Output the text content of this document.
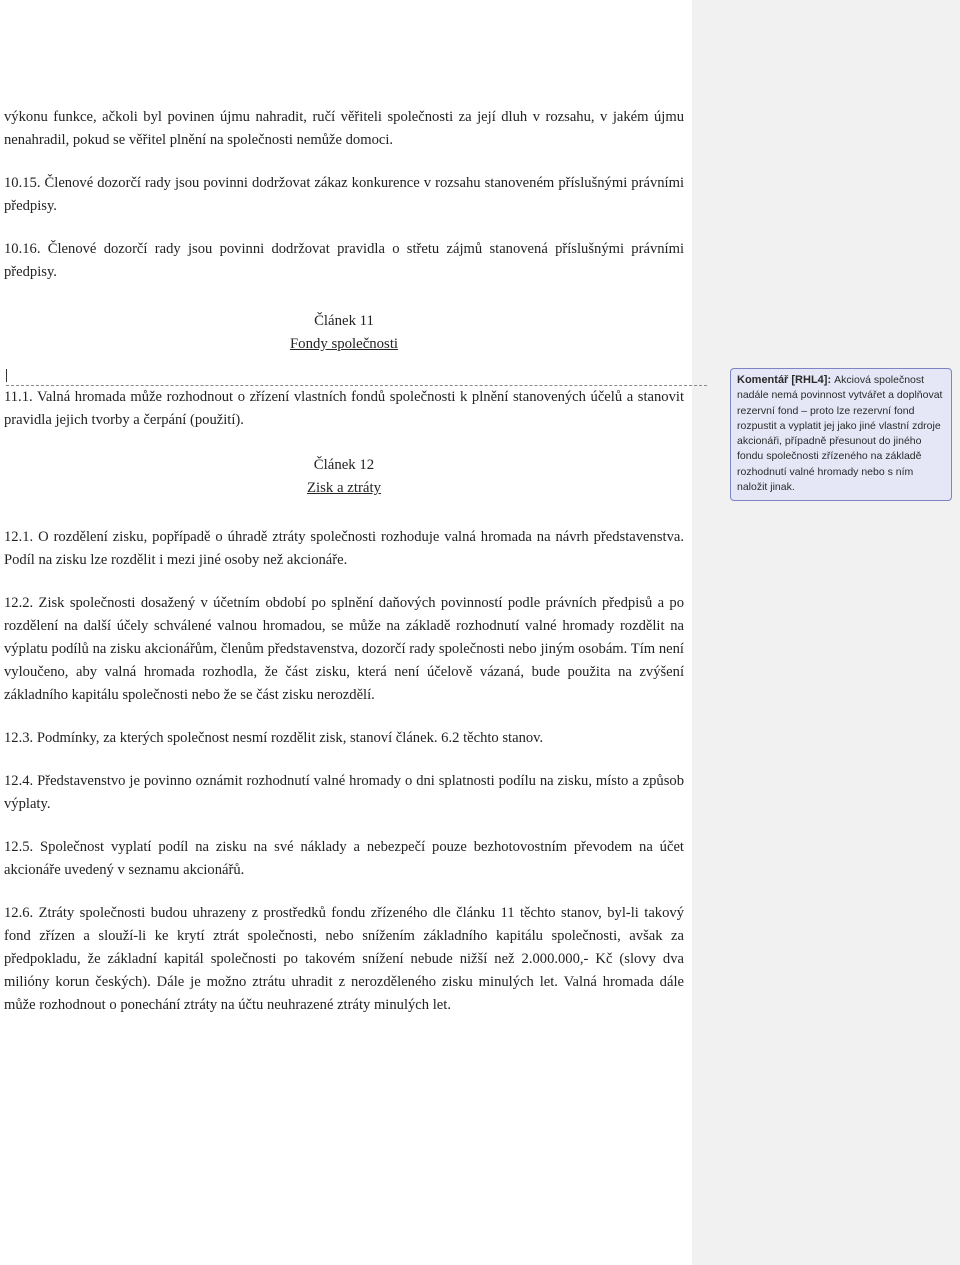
výkonu funkce, ačkoli byl povinen újmu nahradit, ručí věřiteli společnosti za její dluh v rozsahu, v jakém újmu nenahradil, pokud se věřitel plnění na společnosti nemůže domoci.

10.15. Členové dozorčí rady jsou povinni dodržovat zákaz konkurence v rozsahu stanoveném příslušnými právními předpisy.

10.16. Členové dozorčí rady jsou povinni dodržovat pravidla o střetu zájmů stanovená příslušnými právními předpisy.

Článek 11
Fondy společnosti

11.1. Valná hromada může rozhodnout o zřízení vlastních fondů společnosti k plnění stanovených účelů a stanovit pravidla jejich tvorby a čerpání (použití).

Článek 12
Zisk a ztráty

12.1. O rozdělení zisku, popřípadě o úhradě ztráty společnosti rozhoduje valná hromada na návrh představenstva. Podíl na zisku lze rozdělit i mezi jiné osoby než akcionáře.

12.2. Zisk společnosti dosažený v účetním období po splnění daňových povinností podle právních předpisů a po rozdělení na další účely schválené valnou hromadou, se může na základě rozhodnutí valné hromady rozdělit na výplatu podílů na zisku akcionářům, členům představenstva, dozorčí rady společnosti nebo jiným osobám. Tím není vyloučeno, aby valná hromada rozhodla, že část zisku, která není účelově vázaná, bude použita na zvýšení základního kapitálu společnosti nebo že se část zisku nerozdělí.

12.3. Podmínky, za kterých společnost nesmí rozdělit zisk, stanoví článek. 6.2 těchto stanov.

12.4. Představenstvo je povinno oznámit rozhodnutí valné hromady o dni splatnosti podílu na zisku, místo a způsob výplaty.

12.5. Společnost vyplatí podíl na zisku na své náklady a nebezpečí pouze bezhotovostním převodem na účet akcionáře uvedený v seznamu akcionářů.

12.6. Ztráty společnosti budou uhrazeny z prostředků fondu zřízeného dle článku 11 těchto stanov, byl-li takový fond zřízen a slouží-li ke krytí ztrát společnosti, nebo snížením základního kapitálu společnosti, avšak za předpokladu, že základní kapitál společnosti po takovém snížení nebude nižší než 2.000.000,- Kč (slovy dva milióny korun českých). Dále je možno ztrátu uhradit z nerozděleného zisku minulých let. Valná hromada dále může rozhodnout o ponechání ztráty na účtu neuhrazené ztráty minulých let.

Komentář [RHL4]: Akciová společnost nadále nemá povinnost vytvářet a doplňovat rezervní fond – proto lze rezervní fond rozpustit a vyplatit jej jako jiné vlastní zdroje akcionáři, případně přesunout do jiného fondu společnosti zřízeného na základě rozhodnutí valné hromady nebo s ním naložit jinak.
